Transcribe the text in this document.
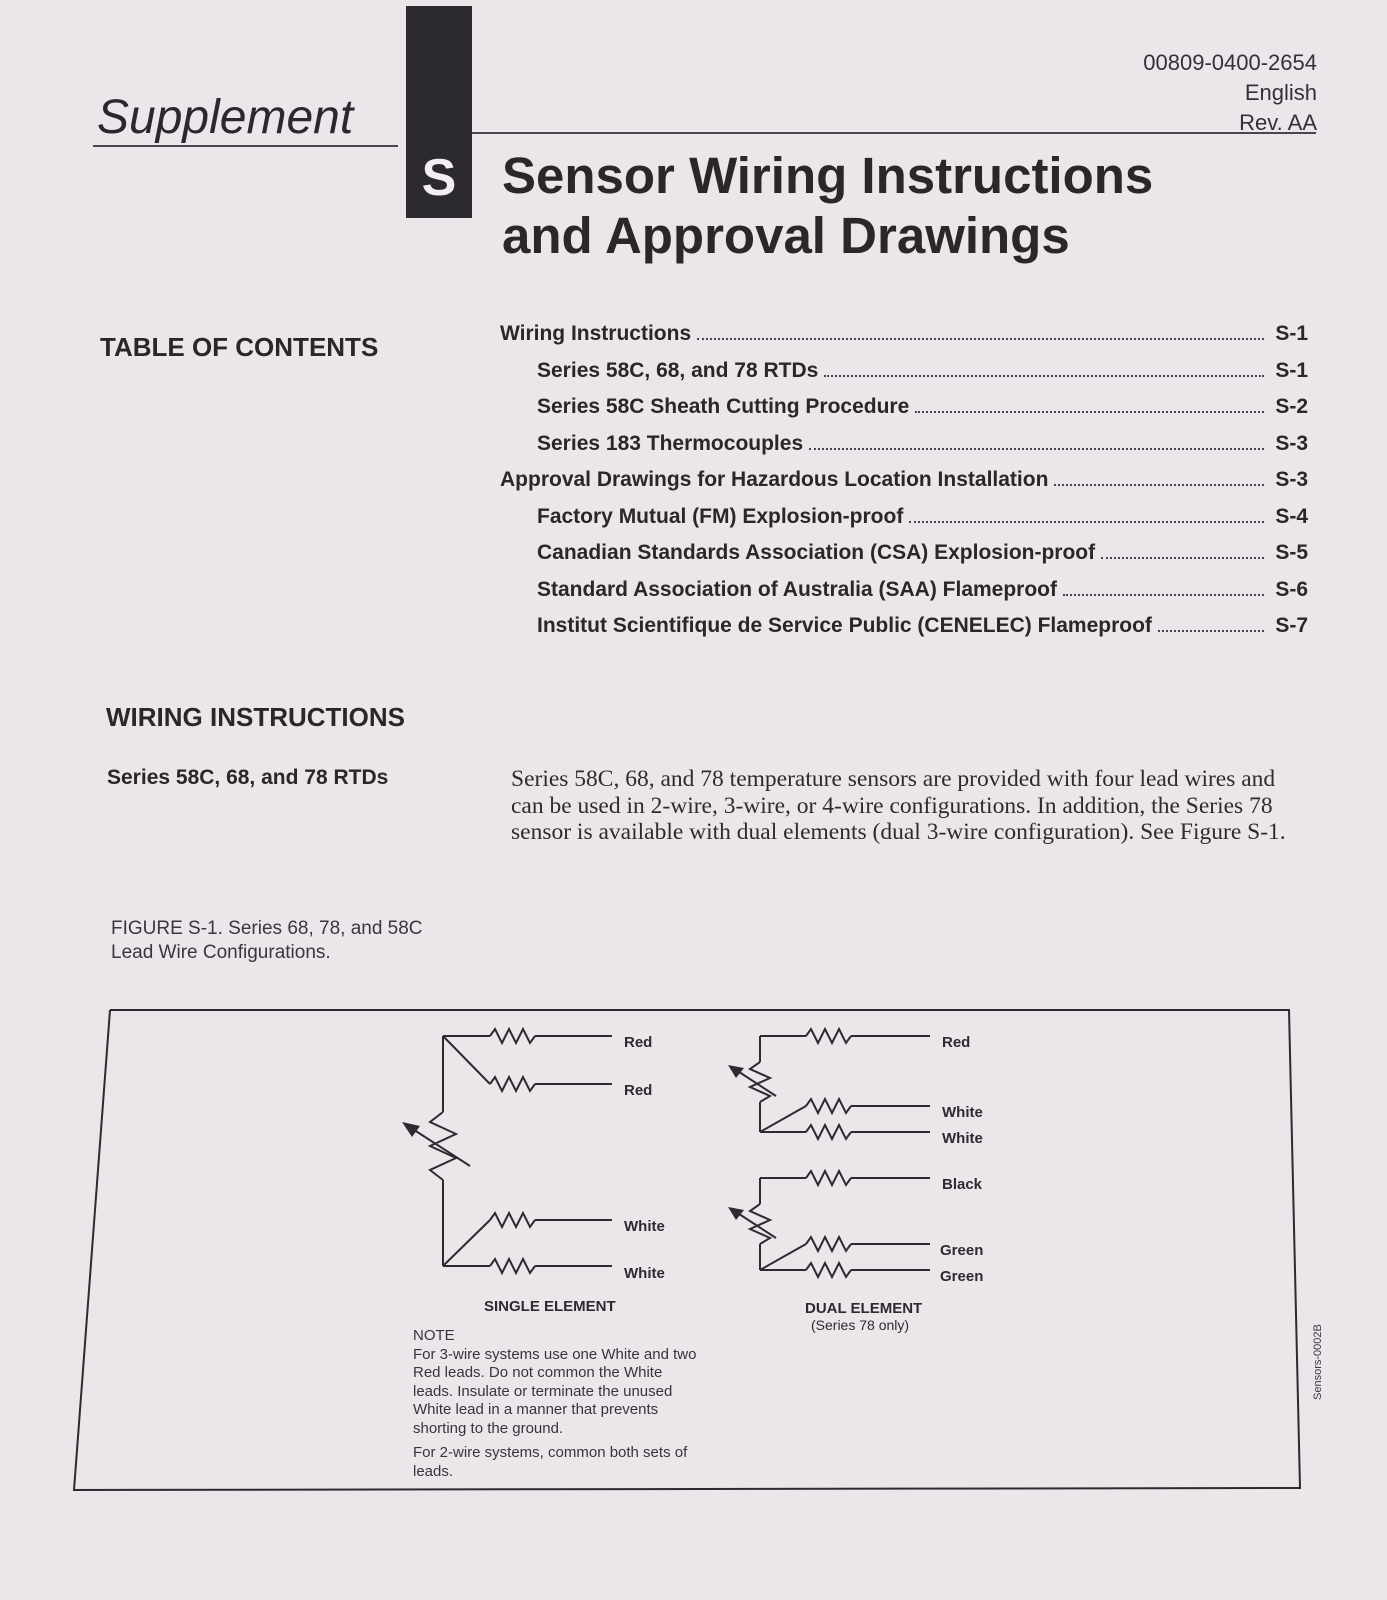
Supplement
S
00809-0400-2654
English
Rev. AA
Sensor Wiring Instructions
and Approval Drawings
TABLE OF CONTENTS	Wiring Instructions	S-1
Series 58C, 68, and 78 RTDs	S-1
Series 58C Sheath Cutting Procedure	S-2
Series 183 Thermocouples	S-3
Approval Drawings for Hazardous Location Installation	S-3
Factory Mutual (FM) Explosion-proof	S-4
Canadian Standards Association (CSA) Explosion-proof	S-5
Standard Association of Australia (SAA) Flameproof	S-6
Institut Scientifique de Service Public (CENELEC) Flameproof	S-7
WIRING INSTRUCTIONS
Series 58C, 68, and 78 RTDs	Series 58C, 68, and 78 temperature sensors are provided with four lead wires and can be used in 2-wire, 3-wire, or 4-wire configurations. In addition, the Series 78 sensor is available with dual elements (dual 3-wire configuration). See Figure S-1.
FIGURE S-1. Series 68, 78, and 58C
Lead Wire Configurations.
Red
Red
White
White
Red
White
White
Black
Green
Green
SINGLE ELEMENT	DUAL ELEMENT
(Series 78 only)

NOTE

For 3-wire systems use one White and two Red leads. Do not common the White leads. Insulate or terminate the unused White lead in a manner that prevents shorting to the ground.

For 2-wire systems, common both sets of leads.

Sensors-0002B
